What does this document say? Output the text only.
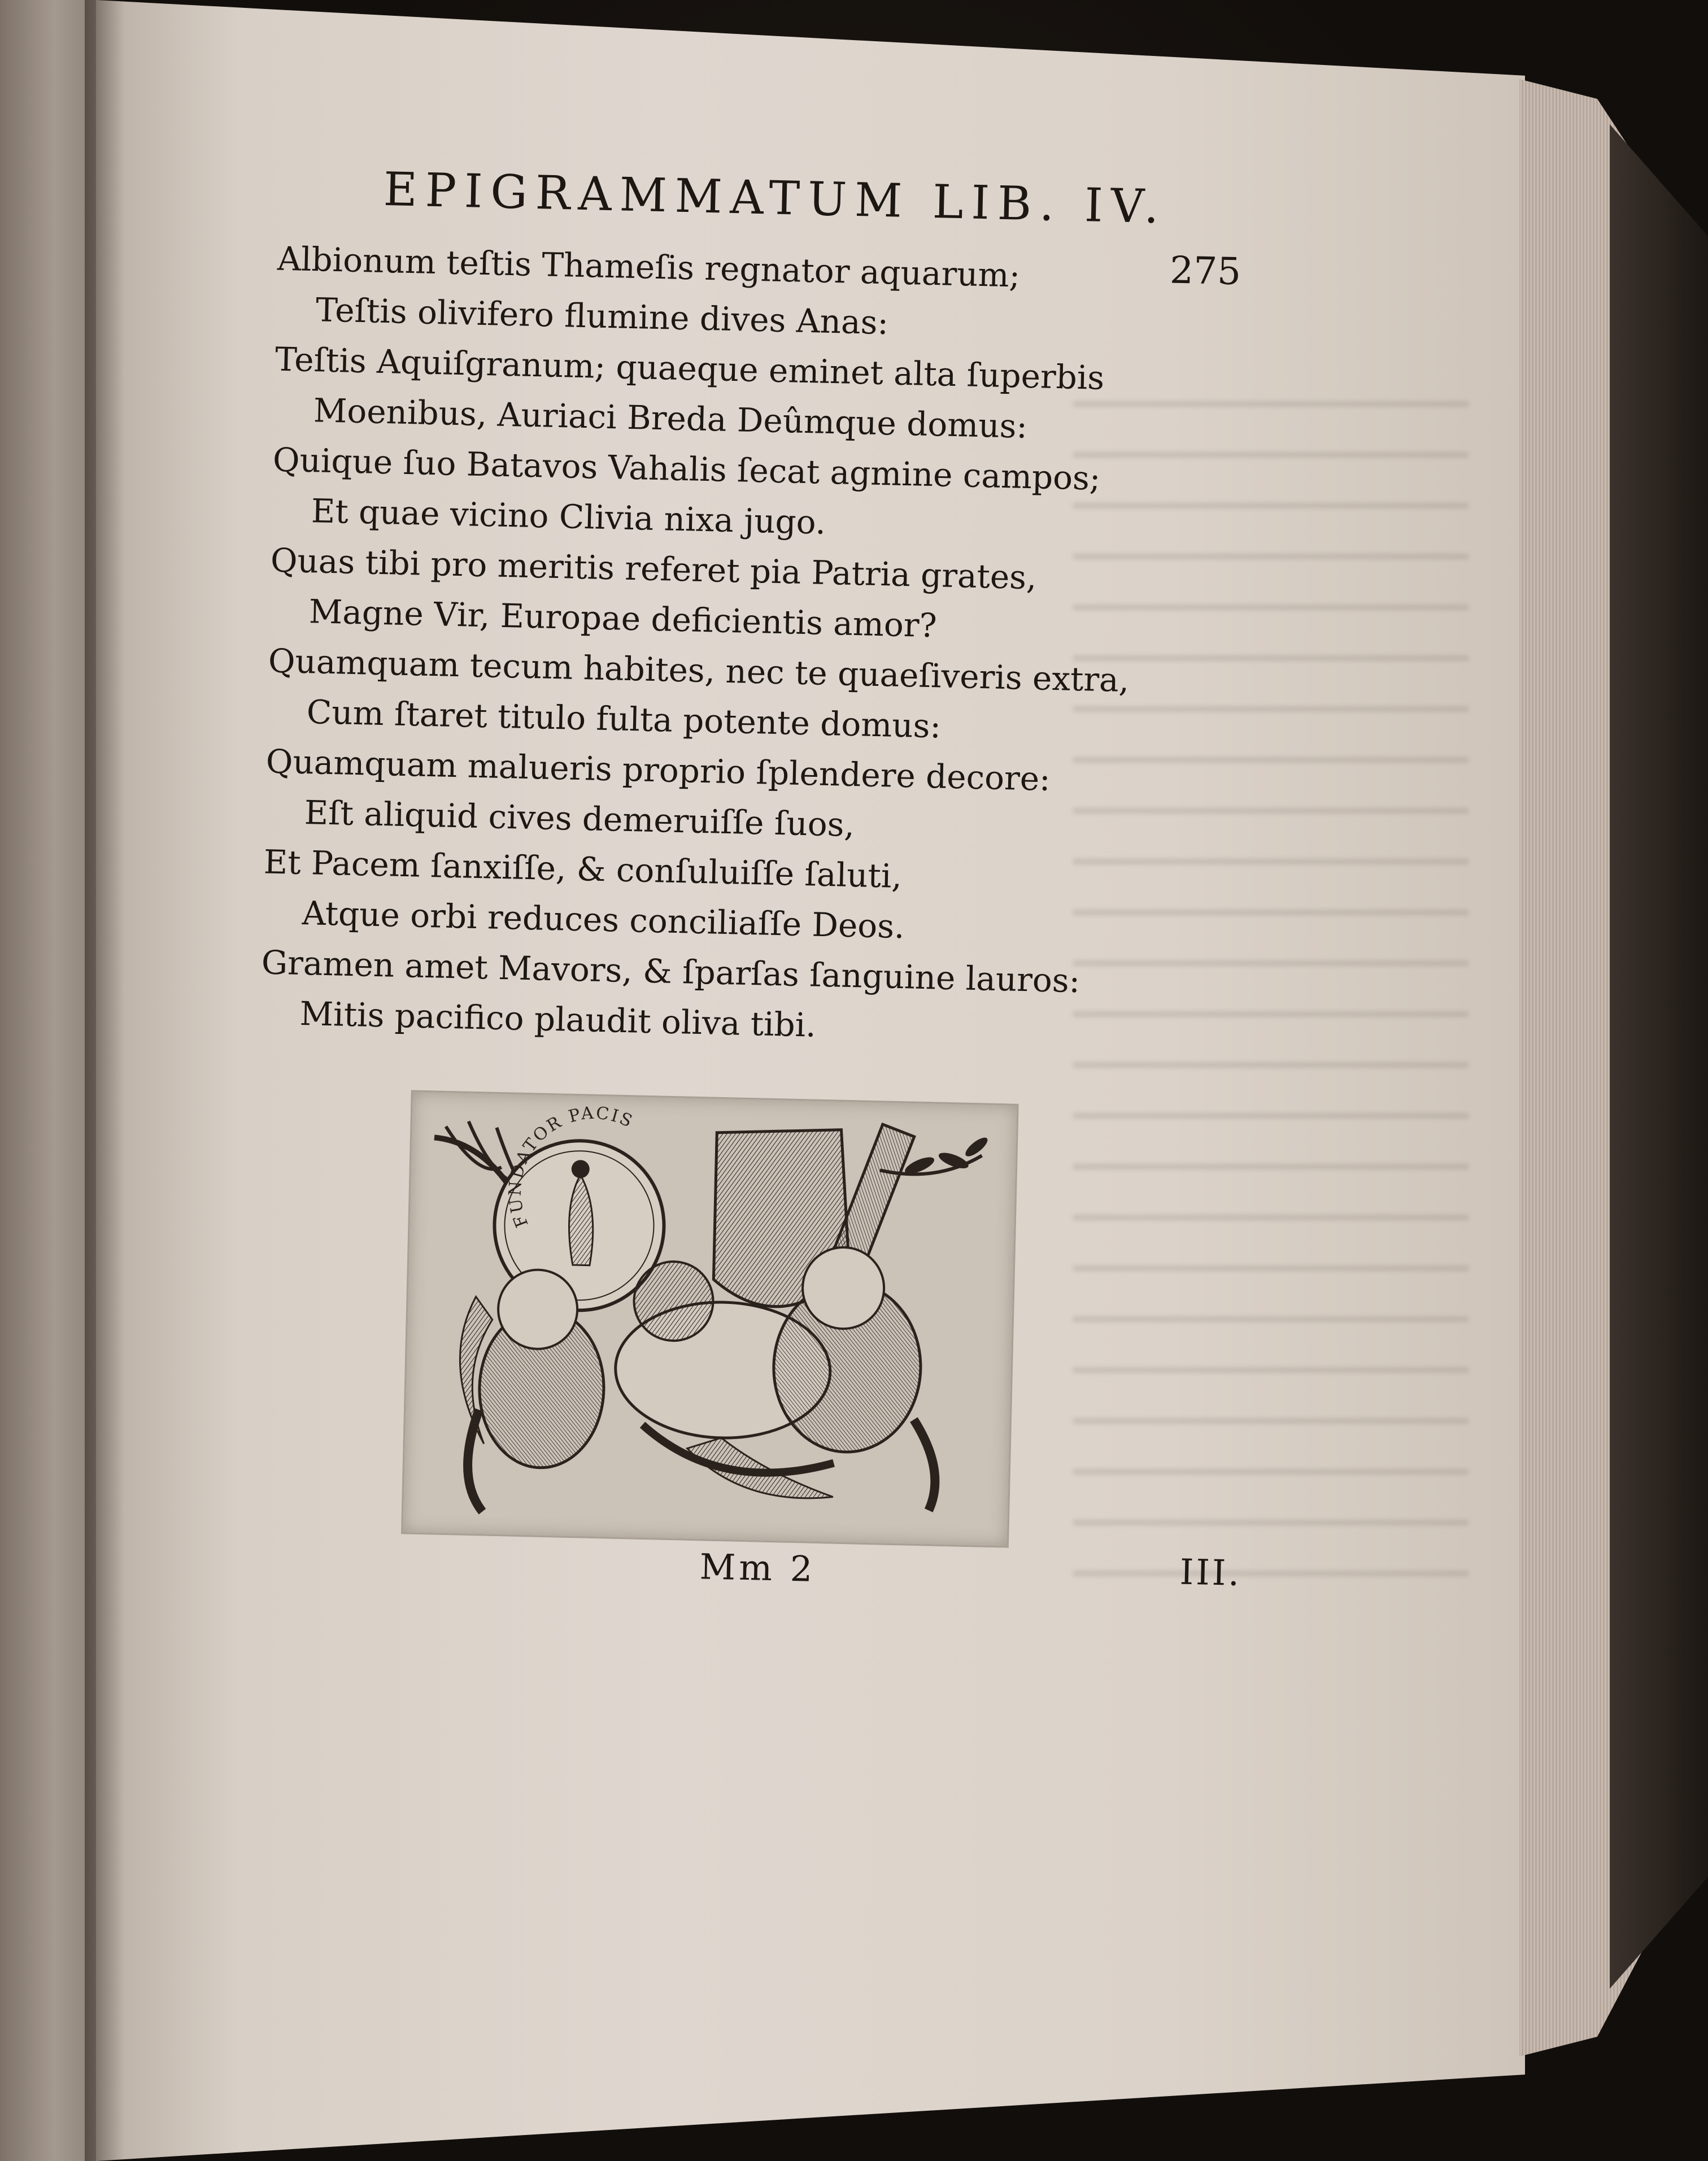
EPIGRAMMATUM LIB. IV.
275
Albionum teſtis Thameſis regnator aquarum;
Teſtis olivifero flumine dives Anas:
Teſtis Aquiſgranum; quaeque eminet alta ſuperbis
Moenibus, Auriaci Breda Deûmque domus:
Quique ſuo Batavos Vahalis ſecat agmine campos;
Et quae vicino Clivia nixa jugo.
Quas tibi pro meritis referet pia Patria grates,
Magne Vir, Europae deficientis amor?
Quamquam tecum habites, nec te quaeſiveris extra,
Cum ſtaret titulo fulta potente domus:
Quamquam malueris proprio ſplendere decore:
Eſt aliquid cives demeruiſſe ſuos,
Et Pacem ſanxiſſe, & conſuluiſſe ſaluti,
Atque orbi reduces conciliaſſe Deos.
Gramen amet Mavors, & ſparſas ſanguine lauros:
Mitis pacifico plaudit oliva tibi.
FUNDATOR PACIS
Mm 2	III.
